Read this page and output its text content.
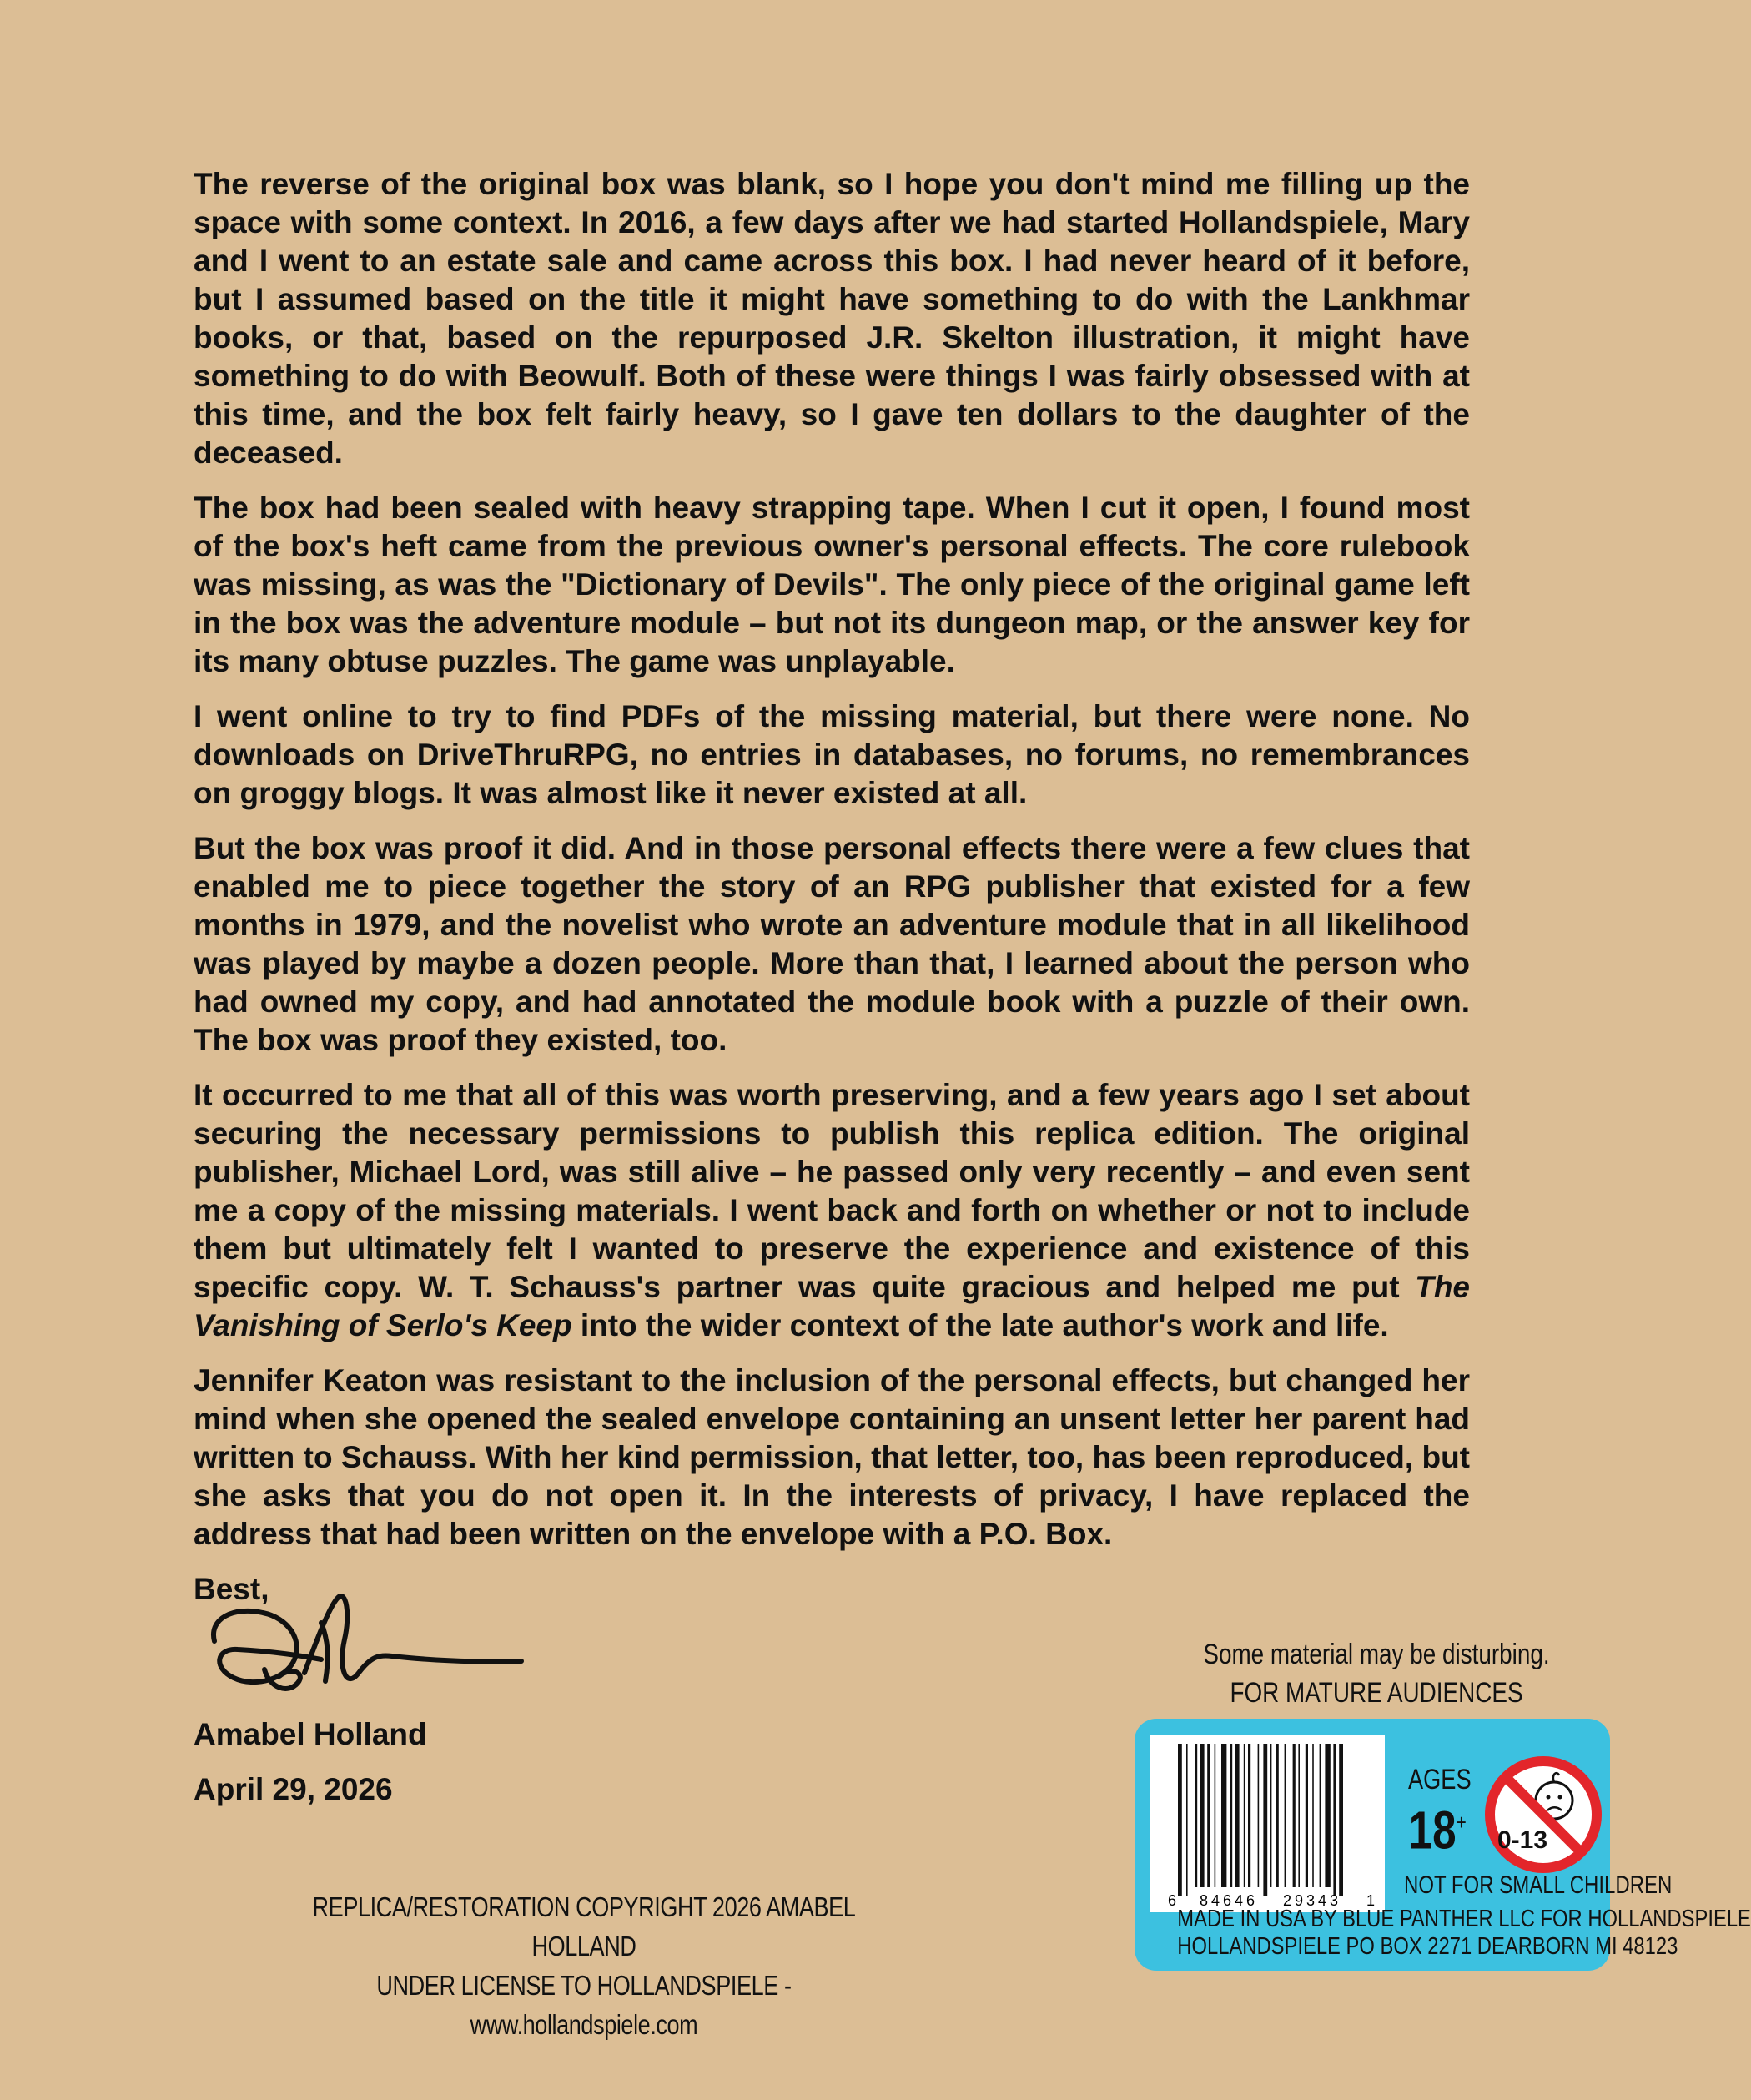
The reverse of the original box was blank, so I hope you don't mind me filling up the space with some context. In 2016, a few days after we had started Hollandspiele, Mary and I went to an estate sale and came across this box. I had never heard of it before, but I assumed based on the title it might have something to do with the Lankhmar books, or that, based on the repurposed J.R. Skelton illustration, it might have something to do with Beowulf. Both of these were things I was fairly obsessed with at this time, and the box felt fairly heavy, so I gave ten dollars to the daughter of the deceased.

The box had been sealed with heavy strapping tape. When I cut it open, I found most of the box's heft came from the previous owner's personal effects. The core rulebook was missing, as was the "Dictionary of Devils". The only piece of the original game left in the box was the adventure module – but not its dungeon map, or the answer key for its many obtuse puzzles. The game was unplayable.

I went online to try to find PDFs of the missing material, but there were none. No downloads on DriveThruRPG, no entries in databases, no forums, no remembrances on groggy blogs. It was almost like it never existed at all.

But the box was proof it did. And in those personal effects there were a few clues that enabled me to piece together the story of an RPG publisher that existed for a few months in 1979, and the novelist who wrote an adventure module that in all likelihood was played by maybe a dozen people. More than that, I learned about the person who had owned my copy, and had annotated the module book with a puzzle of their own. The box was proof they existed, too.

It occurred to me that all of this was worth preserving, and a few years ago I set about securing the necessary permissions to publish this replica edition. The original publisher, Michael Lord, was still alive – he passed only very recently – and even sent me a copy of the missing materials. I went back and forth on whether or not to include them but ultimately felt I wanted to preserve the experience and existence of this specific copy. W. T. Schauss's partner was quite gracious and helped me put The Vanishing of Serlo's Keep into the wider context of the late author's work and life.

Jennifer Keaton was resistant to the inclusion of the personal effects, but changed her mind when she opened the sealed envelope containing an unsent letter her parent had written to Schauss. With her kind permission, that letter, too, has been reproduced, but she asks that you do not open it. In the interests of privacy, I have replaced the address that had been written on the envelope with a P.O. Box.

Best,

Amabel Holland
April 29, 2026
REPLICA/RESTORATION COPYRIGHT 2026 AMABEL HOLLAND
UNDER LICENSE TO HOLLANDSPIELE - www.hollandspiele.com
Some material may be disturbing.
FOR MATURE AUDIENCES
6 84646 29343 1
AGES
18+
0-13
NOT FOR SMALL CHILDREN
MADE IN USA BY BLUE PANTHER LLC FOR HOLLANDSPIELE
HOLLANDSPIELE PO BOX 2271 DEARBORN MI 48123
